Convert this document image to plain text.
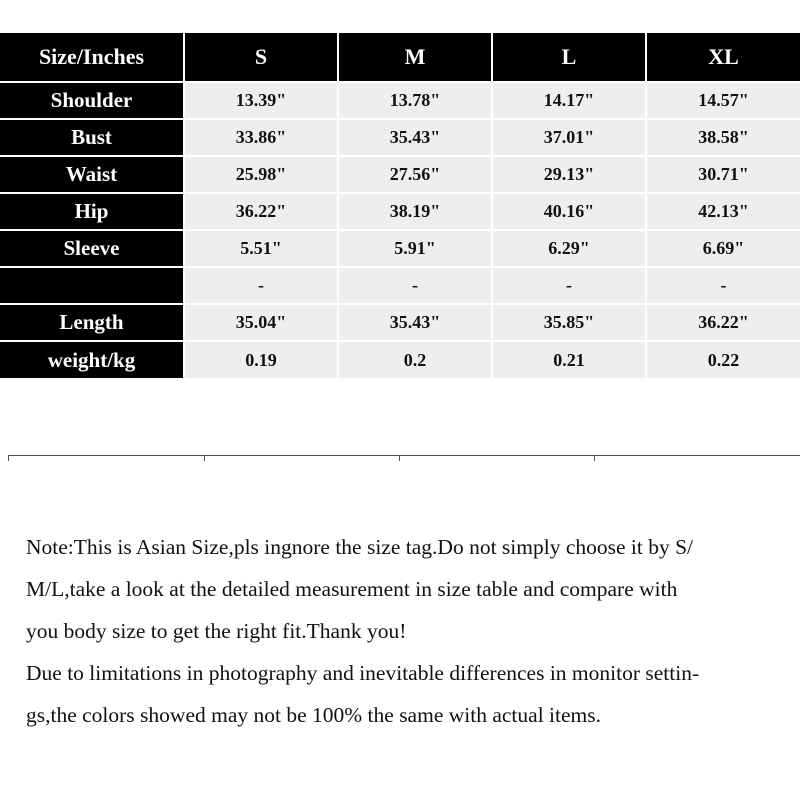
Size/Inches	S	M	L	XL
Shoulder	13.39"	13.78"	14.17"	14.57"
Bust	33.86"	35.43"	37.01"	38.58"
Waist	25.98"	27.56"	29.13"	30.71"
Hip	36.22"	38.19"	40.16"	42.13"
Sleeve	5.51"	5.91"	6.29"	6.69"
	-	-	-	-
Length	35.04"	35.43"	35.85"	36.22"
weight/kg	0.19	0.2	0.21	0.22

Note:This is Asian Size,pls ingnore the size tag.Do not simply choose it by S/

M/L,take a look at the detailed measurement in size table and compare with

you body size to get the right fit.Thank you!

Due to limitations in photography and inevitable differences in monitor settin-

gs,the colors showed may not be 100% the same with actual items.
